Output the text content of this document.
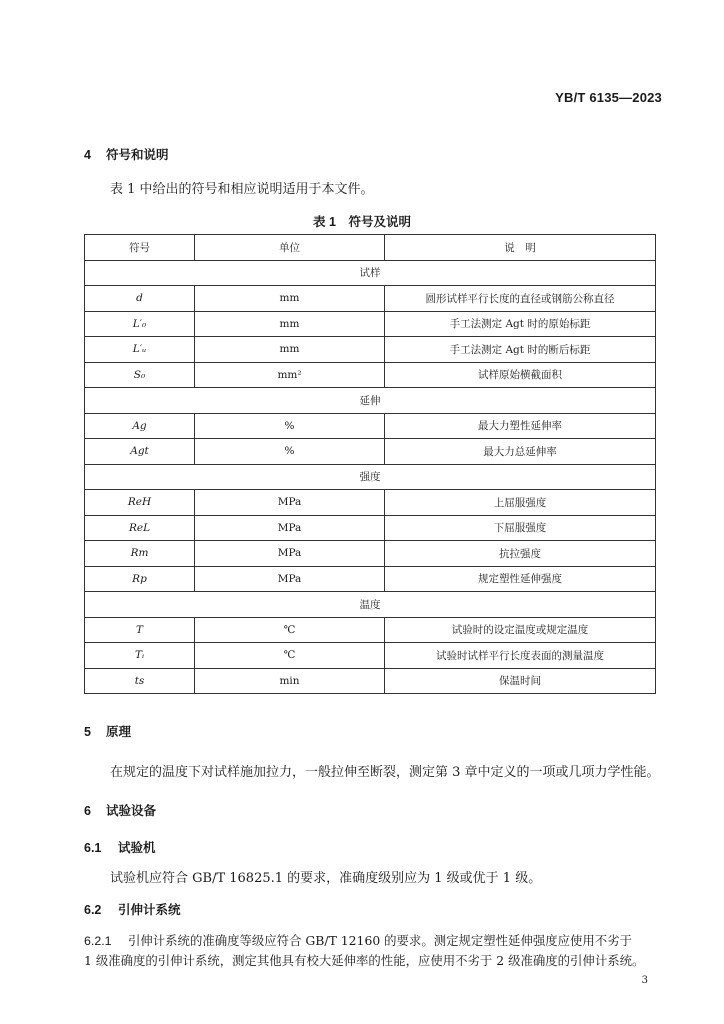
YB/T 6135—2023
4 符号和说明
表 1 中给出的符号和相应说明适用于本文件。
表 1　符号及说明
符号	单位	说　明
试样		
d	mm	圆形试样平行长度的直径或钢筋公称直径
L′₀	mm	手工法测定 Agt 时的原始标距
L′ᵤ	mm	手工法测定 Agt 时的断后标距
S₀	mm²	试样原始横截面积
延伸		
Ag	%	最大力塑性延伸率
Agt	%	最大力总延伸率
强度		
ReH	MPa	上屈服强度
ReL	MPa	下屈服强度
Rm	MPa	抗拉强度
Rp	MPa	规定塑性延伸强度
温度		
T	℃	试验时的设定温度或规定温度
Tᵢ	℃	试验时试样平行长度表面的测量温度
ts	min	保温时间
5 原理
在规定的温度下对试样施加拉力，一般拉伸至断裂，测定第 3 章中定义的一项或几项力学性能。
6 试验设备
6.1 试验机
试验机应符合 GB/T 16825.1 的要求，准确度级别应为 1 级或优于 1 级。
6.2 引伸计系统
6.2.1 引伸计系统的准确度等级应符合 GB/T 12160 的要求。测定规定塑性延伸强度应使用不劣于
1 级准确度的引伸计系统，测定其他具有校大延伸率的性能，应使用不劣于 2 级准确度的引伸计系统。
3
